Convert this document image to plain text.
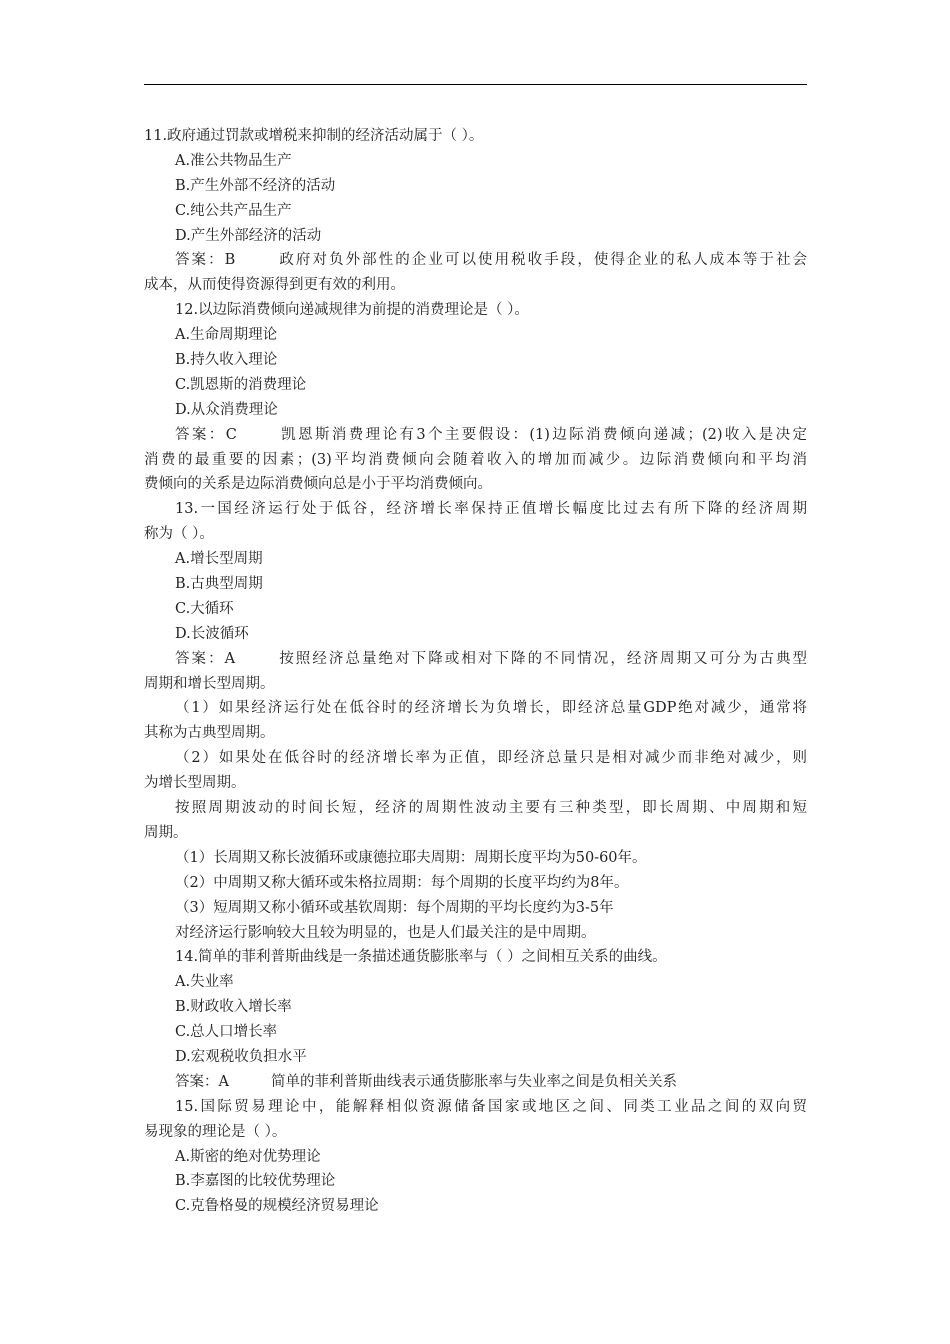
11.政府通过罚款或增税来抑制的经济活动属于（ ）。
A.准公共物品生产
B.产生外部不经济的活动
C.纯公共产品生产
D.产生外部经济的活动
答案：B	政府对负外部性的企业可以使用税收手段，使得企业的私人成本等于社会
成本，从而使得资源得到更有效的利用。
12.以边际消费倾向递减规律为前提的消费理论是（ ）。
A.生命周期理论
B.持久收入理论
C.凯恩斯的消费理论
D.从众消费理论
答案：C	凯恩斯消费理论有3个主要假设：(1)边际消费倾向递减；(2)收入是决定
消费的最重要的因素；(3)平均消费倾向会随着收入的增加而减少。边际消费倾向和平均消
费倾向的关系是边际消费倾向总是小于平均消费倾向。
13.一国经济运行处于低谷，经济增长率保持正值增长幅度比过去有所下降的经济周期
称为（ ）。
A.增长型周期
B.古典型周期
C.大循环
D.长波循环
答案：A	按照经济总量绝对下降或相对下降的不同情况，经济周期又可分为古典型
周期和增长型周期。
（1）如果经济运行处在低谷时的经济增长为负增长，即经济总量GDP绝对减少，通常将
其称为古典型周期。
（2）如果处在低谷时的经济增长率为正值，即经济总量只是相对减少而非绝对减少，则
为增长型周期。
按照周期波动的时间长短，经济的周期性波动主要有三种类型，即长周期、中周期和短
周期。
（1）长周期又称长波循环或康德拉耶夫周期：周期长度平均为50-60年。
（2）中周期又称大循环或朱格拉周期：每个周期的长度平均约为8年。
（3）短周期又称小循环或基钦周期：每个周期的平均长度约为3-5年
对经济运行影响较大且较为明显的，也是人们最关注的是中周期。
14.简单的菲利普斯曲线是一条描述通货膨胀率与（ ）之间相互关系的曲线。
A.失业率
B.财政收入增长率
C.总人口增长率
D.宏观税收负担水平
答案：A	简单的菲利普斯曲线表示通货膨胀率与失业率之间是负相关关系
15.国际贸易理论中，能解释相似资源储备国家或地区之间、同类工业品之间的双向贸
易现象的理论是（ ）。
A.斯密的绝对优势理论
B.李嘉图的比较优势理论
C.克鲁格曼的规模经济贸易理论
